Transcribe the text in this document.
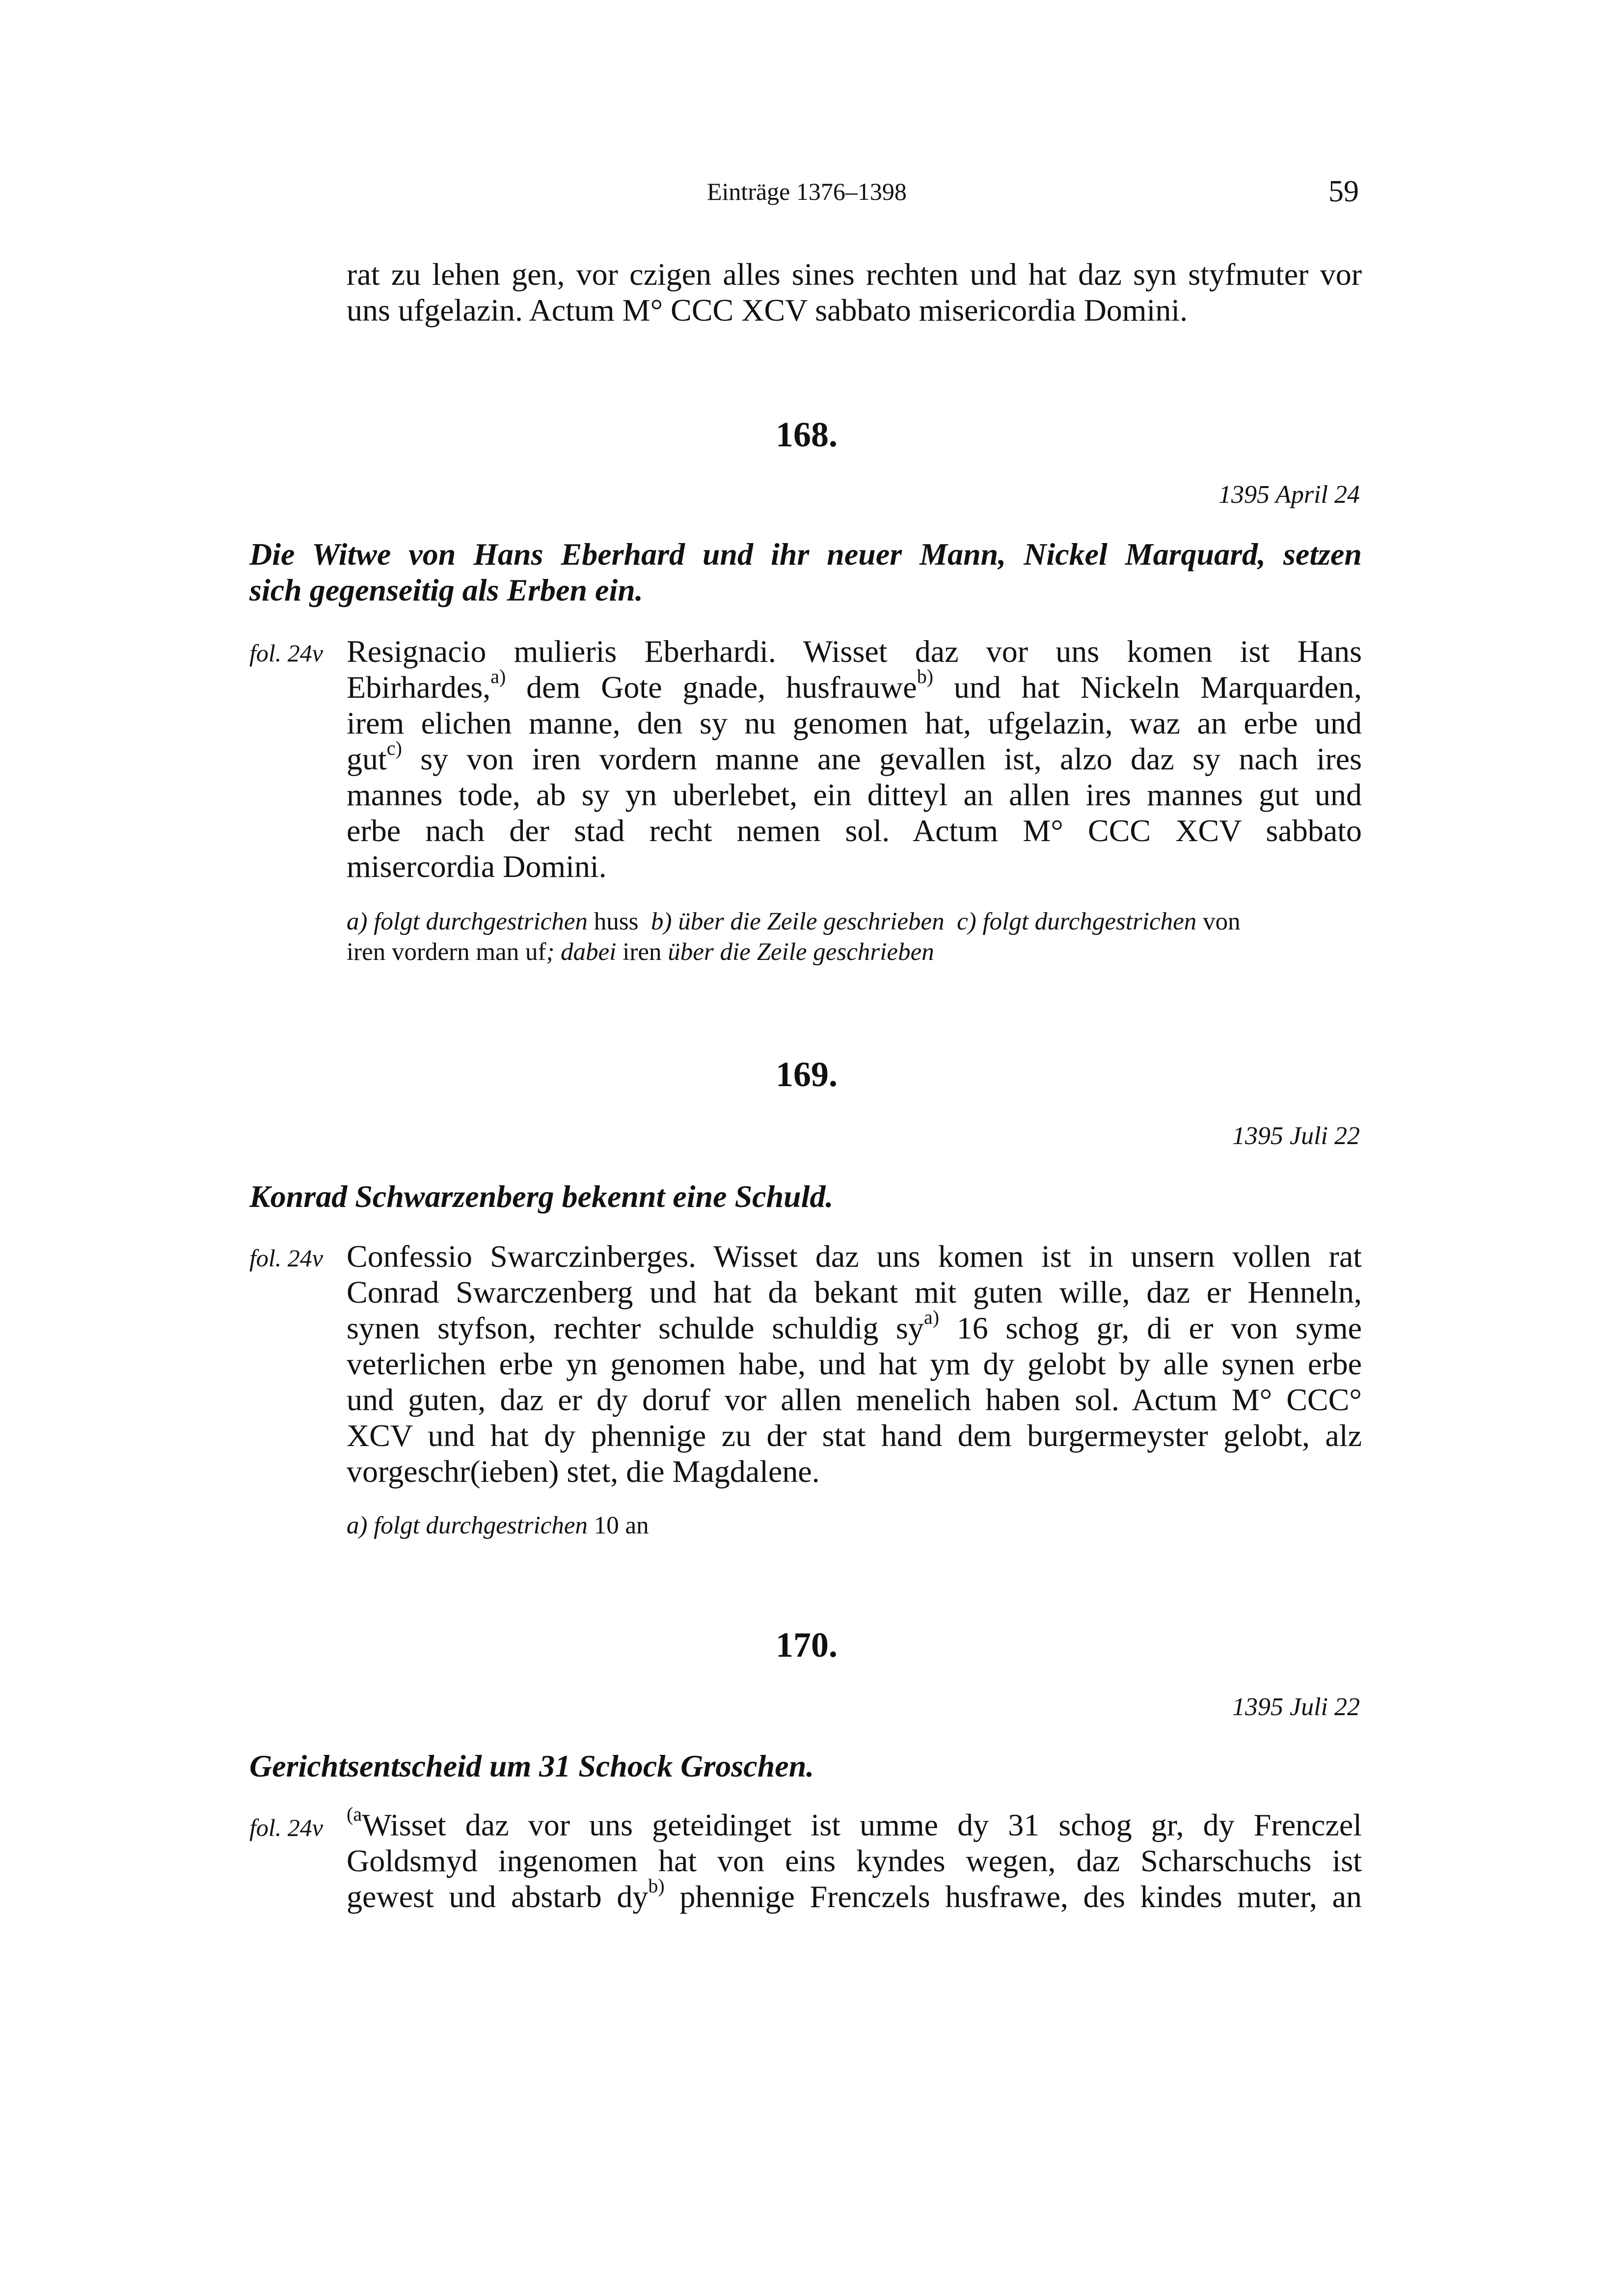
Einträge 1376–1398	59
rat zu lehen gen, vor czigen alles sines rechten und hat daz syn styfmuter vor
uns ufgelazin. Actum M° CCC XCV sabbato misericordia Domini.
168.
1395 April 24
Die Witwe von Hans Eberhard und ihr neuer Mann, Nickel Marquard, setzen
sich gegenseitig als Erben ein.
fol. 24v Resignacio mulieris Eberhardi. Wisset daz vor uns komen ist Hans
Ebirhardes,$^{a)}$ dem Gote gnade, husfrauwe$^{b)}$ und hat Nickeln Marquarden,
irem elichen manne, den sy nu genomen hat, ufgelazin, waz an erbe und
gut$^{c)}$ sy von iren vordern manne ane gevallen ist, alzo daz sy nach ires
mannes tode, ab sy yn uberlebet, ein ditteyl an allen ires mannes gut und
erbe nach der stad recht nemen sol. Actum M° CCC XCV sabbato
misercordia Domini.
a) folgt durchgestrichen huss b) über die Zeile geschrieben c) folgt durchgestrichen von
iren vordern man uf; dabei iren über die Zeile geschrieben
169.
1395 Juli 22
Konrad Schwarzenberg bekennt eine Schuld.
fol. 24v Confessio Swarczinberges. Wisset daz uns komen ist in unsern vollen rat
Conrad Swarczenberg und hat da bekant mit guten wille, daz er Henneln,
synen styfson, rechter schulde schuldig $sy^{a)}$ 16 schog gr, di er von syme
veterlichen erbe yn genomen habe, und hat ym dy gelobt by alle synen erbe
und guten, daz er dy doruf vor allen menelich haben sol. Actum M° CCC°
XCV und hat dy phennige zu der stat hand dem burgermeyster gelobt, alz
vorgeschr(ieben) stet, die Magdalene.
a) folgt durchgestrichen 10 an
170.
1395 Juli 22
Gerichtsentscheid um 31 Schock Groschen.
fol. 24v $^{(a}$Wisset daz vor uns geteidinget ist umme dy 31 schog gr, dy Frenczel
Goldsmyd ingenomen hat von eins kyndes wegen, daz Scharschuchs ist
gewest und abstarb $dy^{b)}$ phennige Frenczels husfrawe, des kindes muter, an
